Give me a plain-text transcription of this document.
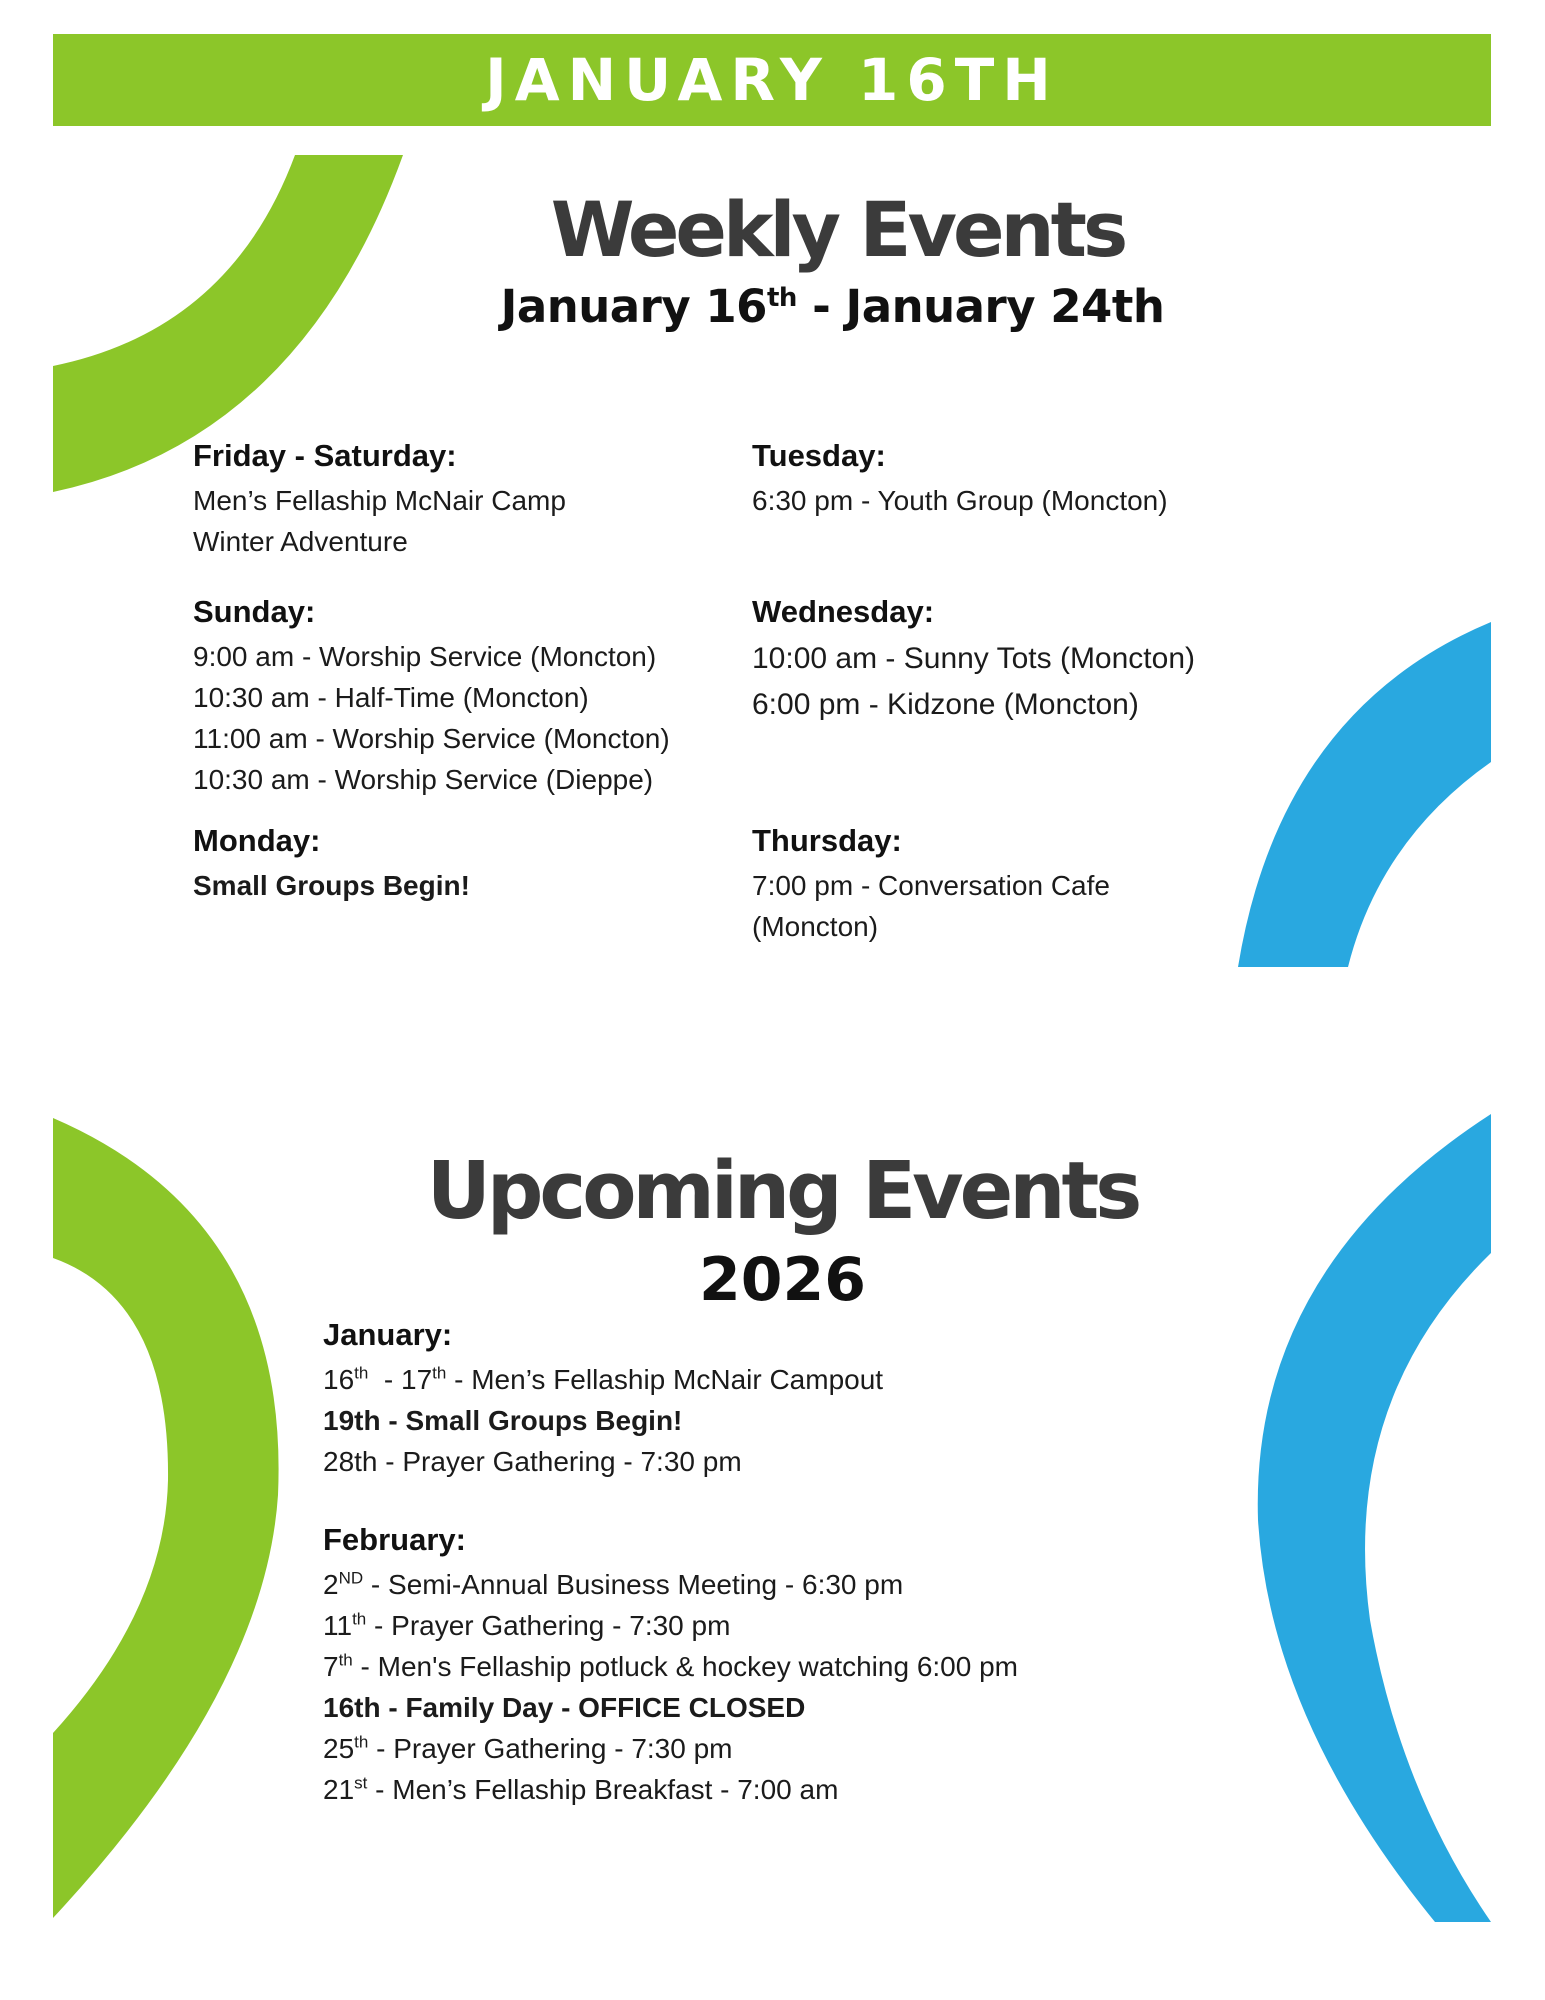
JANUARY 16TH
Weekly Events
January 16th - January 24th
Friday - Saturday:
Men’s Fellaship McNair Camp
Winter Adventure
Sunday:
9:00 am - Worship Service (Moncton)
10:30 am - Half-Time (Moncton)
11:00 am - Worship Service (Moncton)
10:30 am - Worship Service (Dieppe)
Monday:
Small Groups Begin!
Tuesday:
6:30 pm - Youth Group (Moncton)
Wednesday:
10:00 am - Sunny Tots (Moncton)
6:00 pm - Kidzone (Moncton)
Thursday:
7:00 pm - Conversation Cafe
(Moncton)
Upcoming Events
2026
January:
16th  - 17th - Men’s Fellaship McNair Campout
19th - Small Groups Begin!
28th - Prayer Gathering - 7:30 pm
February:
2ND - Semi-Annual Business Meeting - 6:30 pm
11th - Prayer Gathering - 7:30 pm
7th - Men's Fellaship potluck & hockey watching 6:00 pm
16th - Family Day - OFFICE CLOSED
25th - Prayer Gathering - 7:30 pm
21st - Men’s Fellaship Breakfast - 7:00 am
